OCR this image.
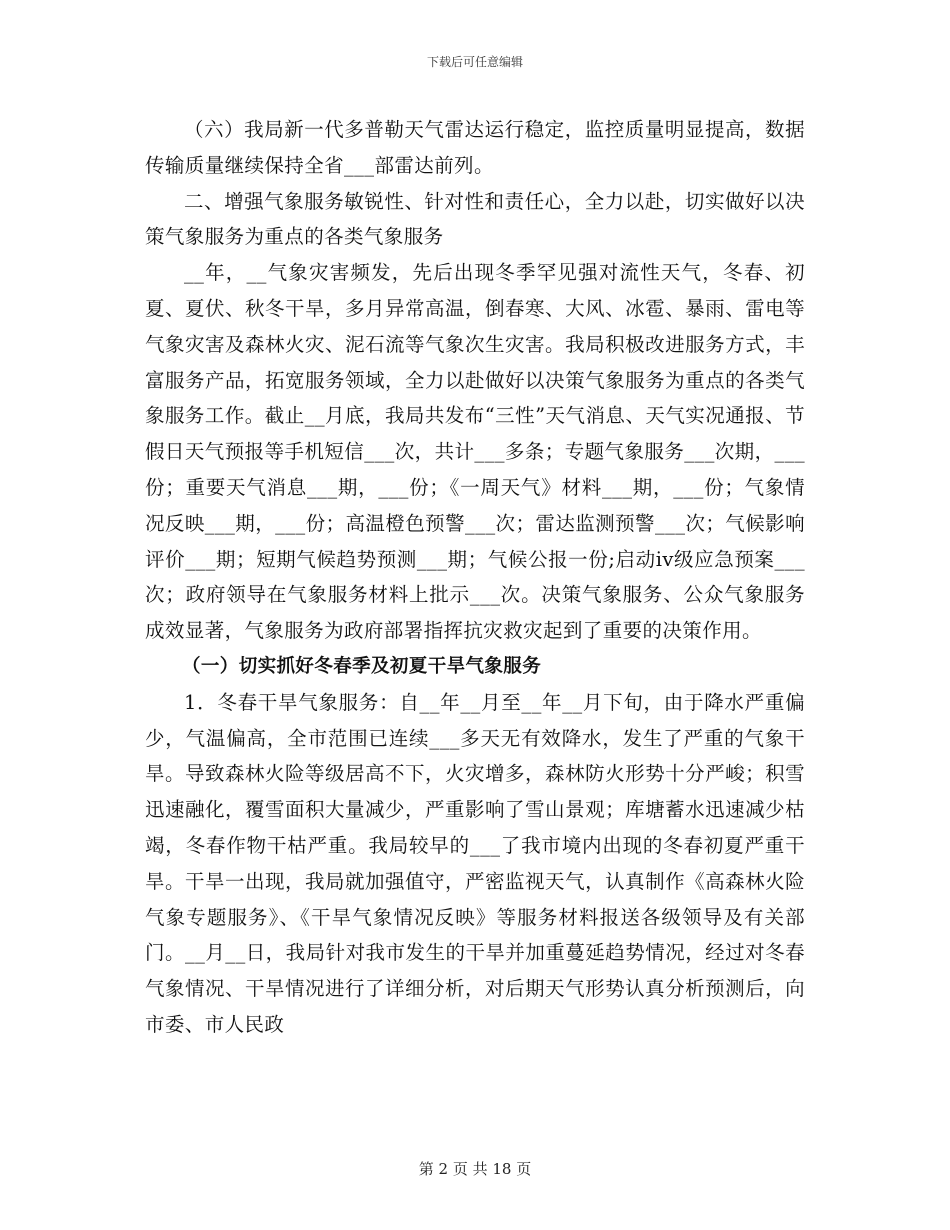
下载后可任意编辑

（六）我局新一代多普勒天气雷达运行稳定，监控质量明显提高，数据传输质量继续保持全省___部雷达前列。

二、增强气象服务敏锐性、针对性和责任心，全力以赴，切实做好以决策气象服务为重点的各类气象服务

__年，__气象灾害频发，先后出现冬季罕见强对流性天气，冬春、初夏、夏伏、秋冬干旱，多月异常高温，倒春寒、大风、冰雹、暴雨、雷电等气象灾害及森林火灾、泥石流等气象次生灾害。我局积极改进服务方式，丰富服务产品，拓宽服务领域，全力以赴做好以决策气象服务为重点的各类气象服务工作。截止__月底，我局共发布“三性”天气消息、天气实况通报、节假日天气预报等手机短信___次，共计___多条；专题气象服务___次期，___份；重要天气消息___期，___份；《一周天气》材料___期，___份；气象情况反映___期，___份；高温橙色预警___次；雷达监测预警___次；气候影响评价___期；短期气候趋势预测___期；气候公报一份;启动iv级应急预案___次；政府领导在气象服务材料上批示___次。决策气象服务、公众气象服务成效显著，气象服务为政府部署指挥抗灾救灾起到了重要的决策作用。

（一）切实抓好冬春季及初夏干旱气象服务

1．冬春干旱气象服务：自__年__月至__年__月下旬，由于降水严重偏少，气温偏高，全市范围已连续___多天无有效降水，发生了严重的气象干旱。导致森林火险等级居高不下，火灾增多，森林防火形势十分严峻；积雪迅速融化，覆雪面积大量减少，严重影响了雪山景观；库塘蓄水迅速减少枯竭，冬春作物干枯严重。我局较早的___了我市境内出现的冬春初夏严重干旱。干旱一出现，我局就加强值守，严密监视天气，认真制作《高森林火险气象专题服务》、《干旱气象情况反映》等服务材料报送各级领导及有关部门。__月__日，我局针对我市发生的干旱并加重蔓延趋势情况，经过对冬春气象情况、干旱情况进行了详细分析，对后期天气形势认真分析预测后，向市委、市人民政

第 2 页 共 18 页
